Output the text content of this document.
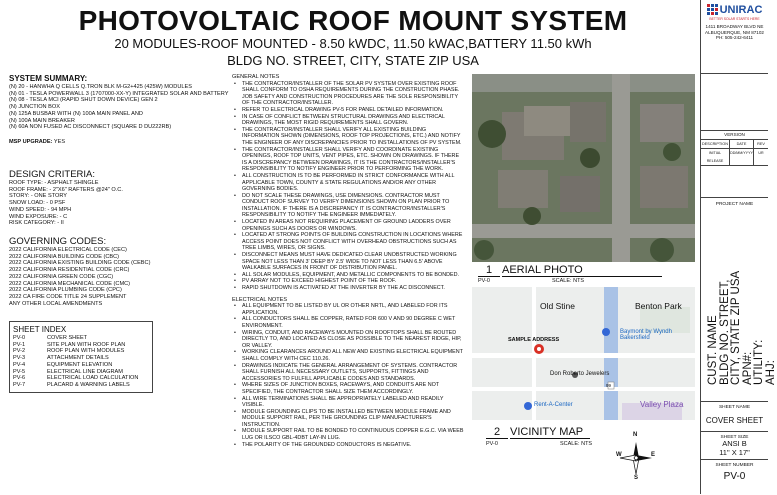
PHOTOVOLTAIC ROOF MOUNT SYSTEM
20 MODULES-ROOF MOUNTED - 8.50 kWDC, 11.50 kWAC,BATTERY 11.50 kWh
BLDG NO. STREET, CITY, STATE ZIP USA
SYSTEM SUMMARY:
(N) 20 - HANWHA Q CELLS Q.TRON BLK M-G2+425 (425W) MODULES
(N) 01 - TESLA POWERWALL 3 (1707000-XX-Y) INTEGRATED SOLAR AND BATTERY
(N) 08 - TESLA MCI (RAPID SHUT DOWN DEVICE) GEN 2
(N) JUNCTION BOX
(N) 125A BUSBAR WITH (N) 100A MAIN PANEL AND
(N) 100A MAIN BREAKER
(N) 60A NON FUSED AC DISCONNECT (SQUARE D DU222RB)
MSP UPGRADE: YES
DESIGN CRITERIA:
ROOF TYPE: - ASPHALT SHINGLE
ROOF FRAME: - 2"X6" RAFTERS @24" O.C.
STORY: - ONE STORY
SNOW LOAD: - 0 PSF
WIND SPEED: - 94 MPH
WIND EXPOSURE: - C
RISK CATEGORY: - II
GOVERNING CODES:
2022 CALIFORNIA ELECTRICAL CODE (CEC)
2022 CALIFORNIA BUILDING CODE (CBC)
2022 CALIFORNIA EXISTING BUILDING CODE (CEBC)
2022 CALIFORNIA RESIDENTIAL CODE (CRC)
2022 CALIFORNIA GREEN CODE (CGC)
2022 CALIFORNIA MECHANICAL CODE (CMC)
2022 CALIFORNIA PLUMBING CODE (CPC)
2022 CA FIRE CODE TITLE 24 SUPPLEMENT
ANY OTHER LOCAL AMENDMENTS
SHEET INDEX
PV-0	COVER SHEET
PV-1	SITE PLAN WITH ROOF PLAN
PV-2	ROOF PLAN WITH MODULES
PV-3	ATTACHMENT DETAILS
PV-4	EQUIPMENT ELEVATION
PV-5	ELECTRICAL LINE DIAGRAM
PV-6	ELECTRICAL LOAD CALCULATION
PV-7	PLACARD & WARNING LABELS
GENERAL NOTES
• THE CONTRACTOR/INSTALLER OF THE SOLAR PV SYSTEM OVER EXISTING ROOF SHALL CONFORM TO OSHA REQUIREMENTS DURING THE CONSTRUCTION PHASE. JOB SAFETY AND CONSTRUCTION PROCEDURES ARE THE SOLE RESPONSIBILITY OF THE CONTRACTOR/INSTALLER.
• REFER TO ELECTRICAL DRAWING PV-5 FOR PANEL DETAILED INFORMATION.
• IN CASE OF CONFLICT BETWEEN STRUCTURAL DRAWINGS AND ELECTRICAL DRAWINGS, THE MOST RIGID REQUIREMENTS SHALL GOVERN.
• THE CONTRACTOR/INSTALLER SHALL VERIFY ALL EXISTING BUILDING INFORMATION SHOWN (DIMENSIONS, ROOF TOP PROJECTIONS, ETC.) AND NOTIFY THE ENGINEER OF ANY DISCREPANCIES PRIOR TO INSTALLATIONS OF PV SYSTEM.
• THE CONTRACTOR/INSTALLER SHALL VERIFY AND COORDINATE EXISTING OPENINGS, ROOF TOP UNITS, VENT PIPES, ETC. SHOWN ON DRAWINGS. IF THERE IS A DISCREPANCY BETWEEN DRAWINGS, IT IS THE CONTRACTORS/INSTALLER'S RESPONSIBILITY TO NOTIFY ENGINEER PRIOR TO PERFORMING THE WORK.
• ALL CONSTRUCTION IS TO BE PERFORMED IN STRICT CONFORMANCE WITH ALL APPLICABLE TOWN, COUNTY & STATE REGULATIONS AND/OR ANY OTHER GOVERNING BODIES.
• DO NOT SCALE THESE DRAWINGS, USE DIMENSIONS. CONTRACTOR MUST CONDUCT ROOF SURVEY TO VERIFY DIMENSIONS SHOWN ON PLAN PRIOR TO INSTALLATION. IF THERE IS A DISCREPANCY IT IS CONTRACTOR/INSTALLER'S RESPONSIBILITY TO NOTIFY THE ENGINEER IMMEDIATELY.
• LOCATED IN AREAS NOT REQUIRING PLACEMENT OF GROUND LADDERS OVER OPENINGS SUCH AS DOORS OR WINDOWS.
• LOCATED AT STRONG POINTS OF BUILDING CONSTRUCTION IN LOCATIONS WHERE ACCESS POINT DOES NOT CONFLICT WITH OVERHEAD OBSTRUCTIONS SUCH AS TREE LIMBS, WIRES, OR SIGNS.
• DISCONNECT MEANS MUST HAVE DEDICATED CLEAR UNOBSTRUCTED WORKING SPACE NOT LESS THAN 3' DEEP BY 2.5' WIDE TO NOT LESS THAN 6.5' ABOVE WALKABLE SURFACES IN FRONT OF DISTRIBUTION PANEL.
• ALL SOLAR MODULES, EQUIPMENT, AND METALLIC COMPONENTS TO BE BONDED.
• PV ARRAY NOT TO EXCEED HIGHEST POINT OF THE ROOF.
• RAPID SHUTDOWN IS ACTIVATED AT THE INVERTER BY THE AC DISCONNECT.
ELECTRICAL NOTES
• ALL EQUIPMENT TO BE LISTED BY UL OR OTHER NRTL, AND LABELED FOR ITS APPLICATION.
• ALL CONDUCTORS SHALL BE COPPER, RATED FOR 600 V AND 90 DEGREE C WET ENVIRONMENT.
• WIRING, CONDUIT, AND RACEWAYS MOUNTED ON ROOFTOPS SHALL BE ROUTED DIRECTLY TO, AND LOCATED AS CLOSE AS POSSIBLE TO THE NEAREST RIDGE, HIP, OR VALLEY.
• WORKING CLEARANCES AROUND ALL NEW AND EXISTING ELECTRICAL EQUIPMENT SHALL COMPLY WITH CEC 110.26.
• DRAWINGS INDICATE THE GENERAL ARRANGEMENT OF SYSTEMS. CONTRACTOR SHALL FURNISH ALL NECESSARY OUTLETS, SUPPORTS, FITTINGS AND ACCESSORIES TO FULFILL APPLICABLE CODES AND STANDARDS.
• WHERE SIZES OF JUNCTION BOXES, RACEWAYS, AND CONDUITS ARE NOT SPECIFIED, THE CONTRACTOR SHALL SIZE THEM ACCORDINGLY.
• ALL WIRE TERMINATIONS SHALL BE APPROPRIATELY LABELED AND READILY VISIBLE.
• MODULE GROUNDING CLIPS TO BE INSTALLED BETWEEN MODULE FRAME AND MODULE SUPPORT RAIL, PER THE GROUNDING CLIP MANUFACTURER'S INSTRUCTION.
• MODULE SUPPORT RAIL TO BE BONDED TO CONTINUOUS COPPER E.G.C. VIA WEEB LUG OR ILSCO GBL-4DBT LAY-IN LUG.
• THE POLARITY OF THE GROUNDED CONDUCTORS IS NEGATIVE.
1 AERIAL PHOTO
PV-0	SCALE: NTS
Old Stine	Benton Park
Baymont by Wyndh Bakersfield
SAMPLE ADDRESS
Don Roberto Jewelers
Rent-A-Center	Valley Plaza
99
2 VICINITY MAP
PV-0	SCALE: NTS
N
S
W	E
UNIRAC
BETTER SOLAR STARTS HERE
1411 BROADWAY BLVD NE
ALBUQUERQUE, NM 87102
PH: 505-242-6411
VERSION
DESCRIPTION	DATE	REV
INITIAL RELEASE
DD/MM/YYYY	UR
PROJECT NAME
CUST. NAME
BLDG NO. STREET,
CITY, STATE ZIP USA
APN#:
UTILITY:
AHJ:
SHEET NAME
COVER SHEET
SHEET SIZE
ANSI B
11" X 17"
SHEET NUMBER
PV-0
